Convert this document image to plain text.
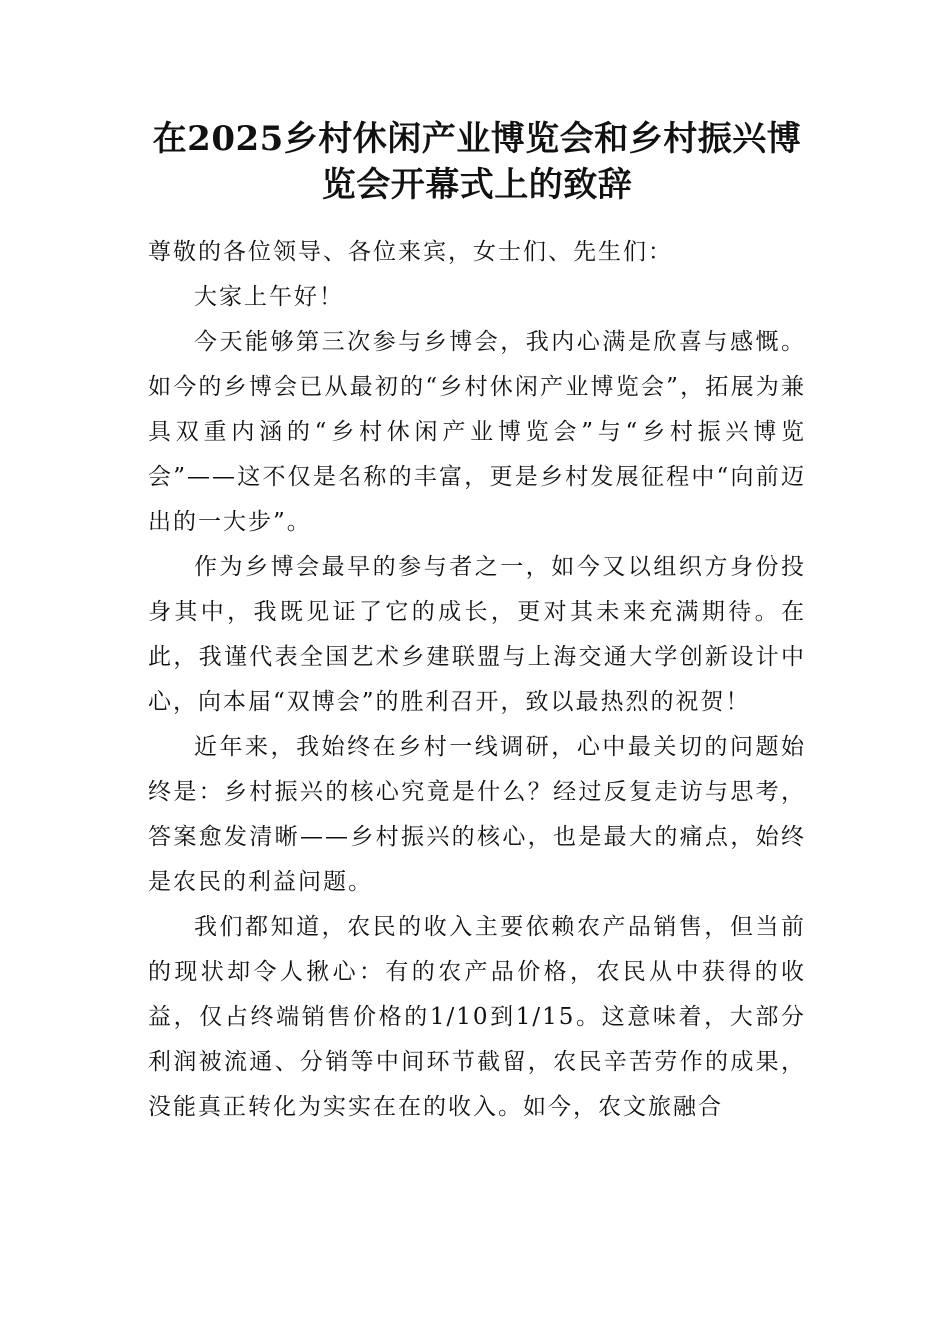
在2025乡村休闲产业博览会和乡村振兴博览会开幕式上的致辞

尊敬的各位领导、各位来宾，女士们、先生们：

大家上午好！

今天能够第三次参与乡博会，我内心满是欣喜与感慨。如今的乡博会已从最初的“乡村休闲产业博览会”，拓展为兼具双重内涵的“乡村休闲产业博览会”与“乡村振兴博览会”——这不仅是名称的丰富，更是乡村发展征程中“向前迈出的一大步”。

作为乡博会最早的参与者之一，如今又以组织方身份投身其中，我既见证了它的成长，更对其未来充满期待。在此，我谨代表全国艺术乡建联盟与上海交通大学创新设计中心，向本届“双博会”的胜利召开，致以最热烈的祝贺！

近年来，我始终在乡村一线调研，心中最关切的问题始终是：乡村振兴的核心究竟是什么？经过反复走访与思考，答案愈发清晰——乡村振兴的核心，也是最大的痛点，始终是农民的利益问题。

我们都知道，农民的收入主要依赖农产品销售，但当前的现状却令人揪心：有的农产品价格，农民从中获得的收益，仅占终端销售价格的1/10到1/15。这意味着，大部分利润被流通、分销等中间环节截留，农民辛苦劳作的成果，没能真正转化为实实在在的收入。如今，农文旅融合
